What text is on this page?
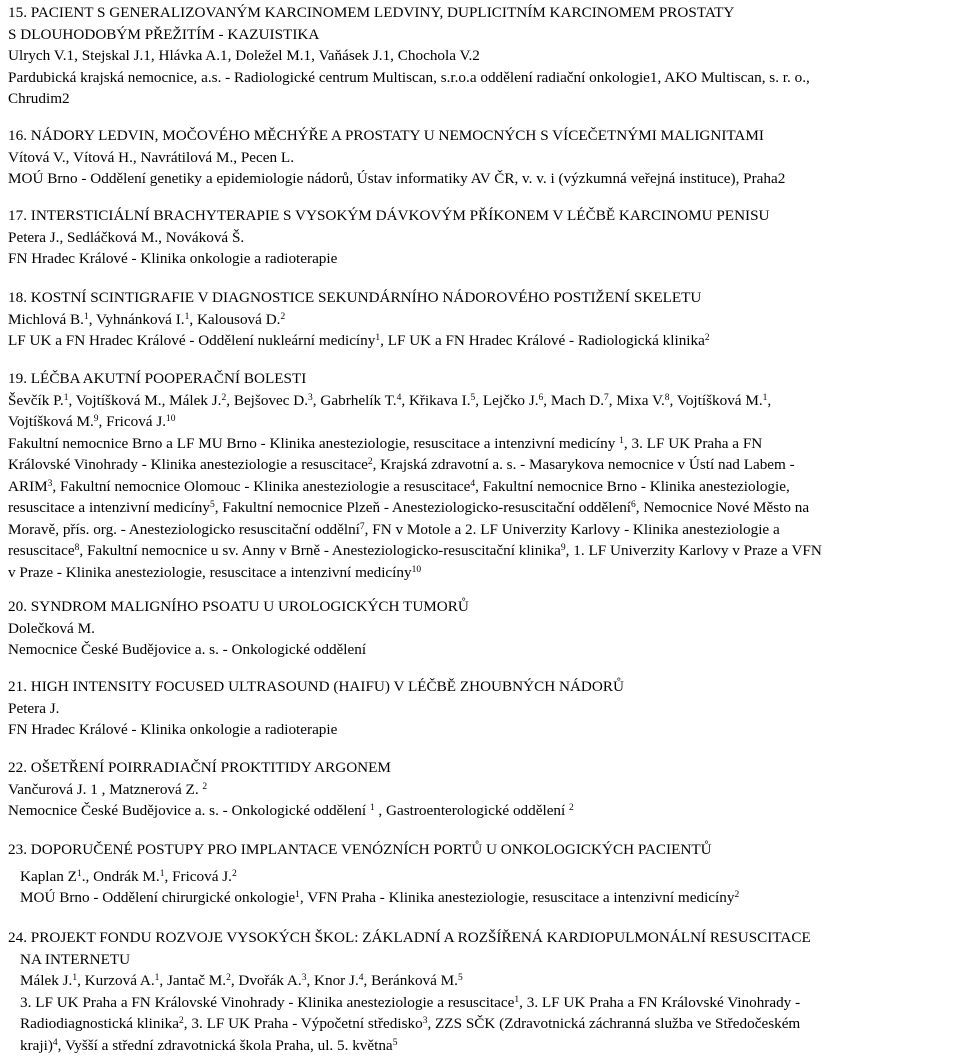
15. PACIENT S GENERALIZOVANÝM KARCINOMEM LEDVINY, DUPLICITNÍM KARCINOMEM PROSTATY
S DLOUHODOBÝM PŘEŽITÍM - KAZUISTIKA
Ulrych V.1, Stejskal J.1, Hlávka A.1, Doležel M.1, Vaňásek J.1, Chochola V.2
Pardubická krajská nemocnice, a.s. - Radiologické centrum Multiscan, s.r.o.a oddělení radiační onkologie1, AKO Multiscan, s. r. o.,
Chrudim2
16. NÁDORY LEDVIN, MOČOVÉHO MĚCHÝŘE A PROSTATY U NEMOCNÝCH S VÍCEČETNÝMI MALIGNITAMI
Vítová V., Vítová H., Navrátilová M., Pecen L.
MOÚ Brno - Oddělení genetiky a epidemiologie nádorů, Ústav informatiky AV ČR, v. v. i (výzkumná veřejná instituce), Praha2
17. INTERSTICIÁLNÍ BRACHYTERAPIE S VYSOKÝM DÁVKOVÝM PŘÍKONEM V LÉČBĚ KARCINOMU PENISU
Petera J., Sedláčková M., Nováková Š.
FN Hradec Králové - Klinika onkologie a radioterapie
18. KOSTNÍ SCINTIGRAFIE V DIAGNOSTICE SEKUNDÁRNÍHO NÁDOROVÉHO POSTIŽENÍ SKELETU
Michlová B.$^1$, Vyhnánková I.$^1$, Kalousová D.$^2$
LF UK a FN Hradec Králové - Oddělení nukleární medicíny$^1$, LF UK a FN Hradec Králové - Radiologická klinika$^2$
19. LÉČBA AKUTNÍ POOPERAČNÍ BOLESTI
Ševčík P.$^1$, Vojtíšková M., Málek J.$^2$, Bejšovec D.$^3$, Gabrhelík T.$^4$, Křikava I.$^5$, Lejčko J.$^6$, Mach D.$^7$, Mixa V.$^8$, Vojtíšková M.$^1$,
Vojtíšková M.$^9$, Fricová J.$^{10}$
Fakultní nemocnice Brno a LF MU Brno - Klinika anesteziologie, resuscitace a intenzivní medicíny $^1$, 3. LF UK Praha a FN
Královské Vinohrady - Klinika anesteziologie a resuscitace$^2$, Krajská zdravotní a. s. - Masarykova nemocnice v Ústí nad Labem -
ARIM$^3$, Fakultní nemocnice Olomouc - Klinika anesteziologie a resuscitace$^4$, Fakultní nemocnice Brno - Klinika anesteziologie,
resuscitace a intenzivní medicíny$^5$, Fakultní nemocnice Plzeň - Anesteziologicko-resuscitační oddělení$^6$, Nemocnice Nové Město na
Moravě, přís. org. - Anesteziologicko resuscitační oddělní$^7$, FN v Motole a 2. LF Univerzity Karlovy - Klinika anesteziologie a
resuscitace$^8$, Fakultní nemocnice u sv. Anny v Brně - Anesteziologicko-resuscitační klinika$^9$, 1. LF Univerzity Karlovy v Praze a VFN
v Praze - Klinika anesteziologie, resuscitace a intenzivní medicíny$^{10}$
20. SYNDROM MALIGNÍHO PSOATU U UROLOGICKÝCH TUMORŮ
Dolečková M.
Nemocnice České Budějovice a. s. - Onkologické oddělení
21. HIGH INTENSITY FOCUSED ULTRASOUND (HAIFU) V LÉČBĚ ZHOUBNÝCH NÁDORŮ
Petera J.
FN Hradec Králové - Klinika onkologie a radioterapie
22. OŠETŘENÍ POIRRADIAČNÍ PROKTITIDY ARGONEM
Vančurová J. 1 , Matznerová Z. $^2$
Nemocnice České Budějovice a. s. - Onkologické oddělení $^1$ , Gastroenterologické oddělení $^2$
23. DOPORUČENÉ POSTUPY PRO IMPLANTACE VENÓZNÍCH PORTŮ U ONKOLOGICKÝCH PACIENTŮ
Kaplan $Z^1$., Ondrák M.$^1$, Fricová J.$^2$
MOÚ Brno - Oddělení chirurgické onkologie$^1$, VFN Praha - Klinika anesteziologie, resuscitace a intenzivní medicíny$^2$
24. PROJEKT FONDU ROZVOJE VYSOKÝCH ŠKOL: ZÁKLADNÍ A ROZŠÍŘENÁ KARDIOPULMONÁLNÍ RESUSCITACE
NA INTERNETU
Málek J.$^1$, Kurzová A.$^1$, Jantač M.$^2$, Dvořák A.$^3$, Knor J.$^4$, Beránková M.$^5$
3. LF UK Praha a FN Královské Vinohrady - Klinika anesteziologie a resuscitace$^1$, 3. LF UK Praha a FN Královské Vinohrady -
Radiodiagnostická klinika$^2$, 3. LF UK Praha - Výpočetní středisko$^3$, ZZS SČK (Zdravotnická záchranná služba ve Středočeském
kraji)$^4$, Vyšší a střední zdravotnická škola Praha, ul. 5. května$^5$
